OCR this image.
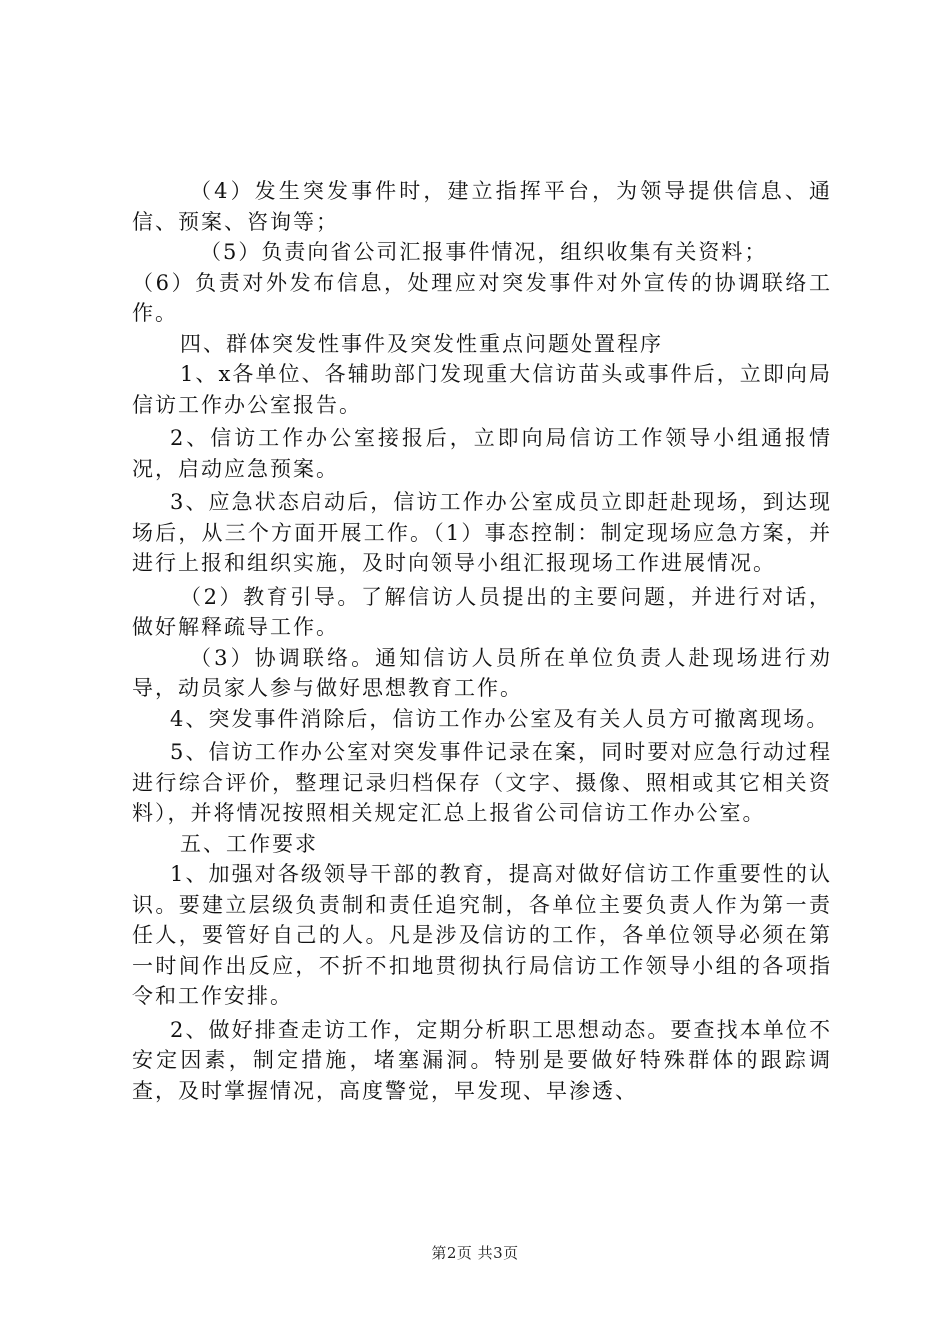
（4）发生突发事件时，建立指挥平台，为领导提供信息、通信、预案、咨询等；

（5）负责向省公司汇报事件情况，组织收集有关资料；

（6）负责对外发布信息，处理应对突发事件对外宣传的协调联络工作。

四、群体突发性事件及突发性重点问题处置程序

1、x各单位、各辅助部门发现重大信访苗头或事件后，立即向局信访工作办公室报告。

2、信访工作办公室接报后，立即向局信访工作领导小组通报情况，启动应急预案。

3、应急状态启动后，信访工作办公室成员立即赶赴现场，到达现场后，从三个方面开展工作。（1）事态控制：制定现场应急方案，并进行上报和组织实施，及时向领导小组汇报现场工作进展情况。

（2）教育引导。了解信访人员提出的主要问题，并进行对话，做好解释疏导工作。

（3）协调联络。通知信访人员所在单位负责人赴现场进行劝导，动员家人参与做好思想教育工作。

4、突发事件消除后，信访工作办公室及有关人员方可撤离现场。

5、信访工作办公室对突发事件记录在案，同时要对应急行动过程进行综合评价，整理记录归档保存（文字、摄像、照相或其它相关资料），并将情况按照相关规定汇总上报省公司信访工作办公室。

五、工作要求

1、加强对各级领导干部的教育，提高对做好信访工作重要性的认识。要建立层级负责制和责任追究制，各单位主要负责人作为第一责任人，要管好自己的人。凡是涉及信访的工作，各单位领导必须在第一时间作出反应，不折不扣地贯彻执行局信访工作领导小组的各项指令和工作安排。

2、做好排查走访工作，定期分析职工思想动态。要查找本单位不安定因素，制定措施，堵塞漏洞。特别是要做好特殊群体的跟踪调查，及时掌握情况，高度警觉，早发现、早渗透、

第2页 共3页
